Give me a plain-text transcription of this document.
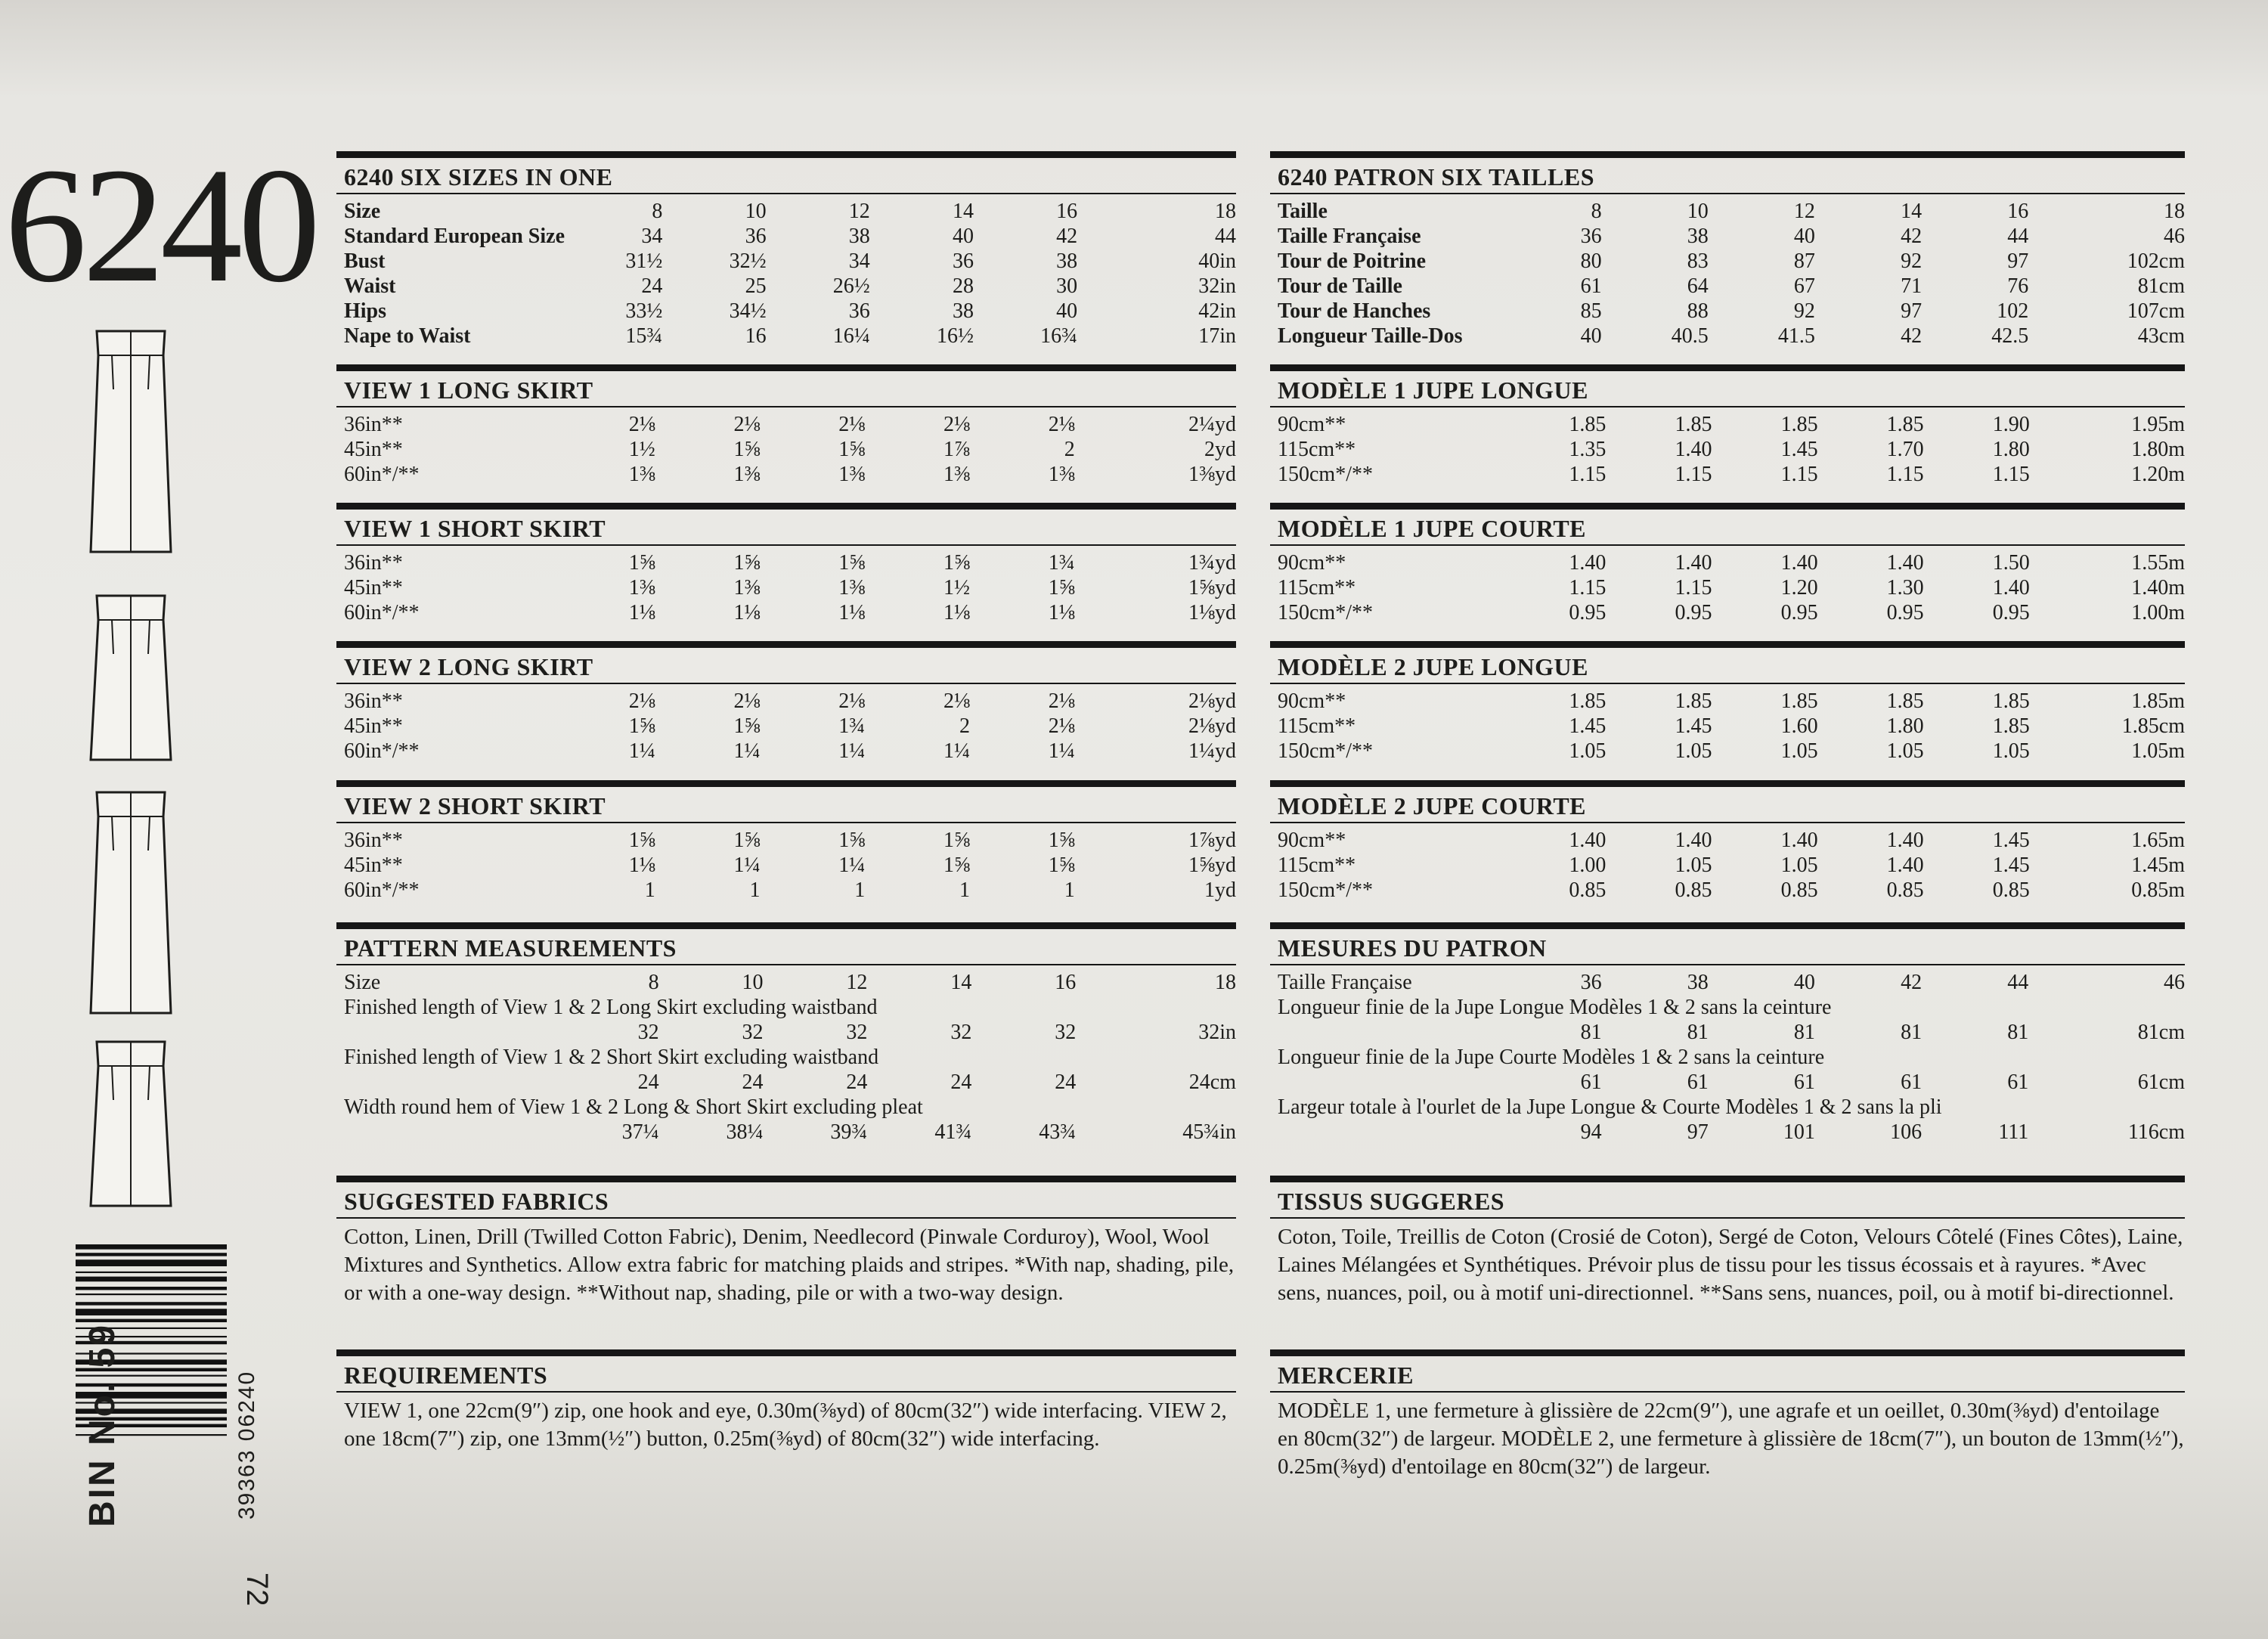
6240
BIN No. 59	39363 06240
72
6240 SIX SIZES IN ONE
Size	8	10	12	14	16	18
Standard European Size	34	36	38	40	42	44
Bust	31½	32½	34	36	38	40in
Waist	24	25	26½	28	30	32in
Hips	33½	34½	36	38	40	42in
Nape to Waist	15¾	16	16¼	16½	16¾	17in
VIEW 1 LONG SKIRT
36in**	2⅛	2⅛	2⅛	2⅛	2⅛	2¼yd
45in**	1½	1⅝	1⅝	1⅞	2	2yd
60in*/**	1⅜	1⅜	1⅜	1⅜	1⅜	1⅜yd
VIEW 1 SHORT SKIRT
36in**	1⅝	1⅝	1⅝	1⅝	1¾	1¾yd
45in**	1⅜	1⅜	1⅜	1½	1⅝	1⅝yd
60in*/**	1⅛	1⅛	1⅛	1⅛	1⅛	1⅛yd
VIEW 2 LONG SKIRT
36in**	2⅛	2⅛	2⅛	2⅛	2⅛	2⅛yd
45in**	1⅝	1⅝	1¾	2	2⅛	2⅛yd
60in*/**	1¼	1¼	1¼	1¼	1¼	1¼yd
VIEW 2 SHORT SKIRT
36in**	1⅝	1⅝	1⅝	1⅝	1⅝	1⅞yd
45in**	1⅛	1¼	1¼	1⅝	1⅝	1⅝yd
60in*/**	1	1	1	1	1	1yd
PATTERN MEASUREMENTS
Size	8	10	12	14	16	18
Finished length of View 1 & 2 Long Skirt excluding waistband						
	32	32	32	32	32	32in
Finished length of View 1 & 2 Short Skirt excluding waistband						
	24	24	24	24	24	24cm
Width round hem of View 1 & 2 Long & Short Skirt excluding pleat						
	37¼	38¼	39¾	41¾	43¾	45¾in
SUGGESTED FABRICS
Cotton, Linen, Drill (Twilled Cotton Fabric), Denim, Needlecord (Pinwale Corduroy), Wool, Wool Mixtures and Synthetics. Allow extra fabric for matching plaids and stripes. *With nap, shading, pile, or with a one-way design. **Without nap, shading, pile or with a two-way design.
REQUIREMENTS
VIEW 1, one 22cm(9″) zip, one hook and eye, 0.30m(⅜yd) of 80cm(32″) wide interfacing. VIEW 2, one 18cm(7″) zip, one 13mm(½″) button, 0.25m(⅜yd) of 80cm(32″) wide interfacing.
6240 PATRON SIX TAILLES
Taille	8	10	12	14	16	18
Taille Française	36	38	40	42	44	46
Tour de Poitrine	80	83	87	92	97	102cm
Tour de Taille	61	64	67	71	76	81cm
Tour de Hanches	85	88	92	97	102	107cm
Longueur Taille-Dos	40	40.5	41.5	42	42.5	43cm
MODÈLE 1 JUPE LONGUE
90cm**	1.85	1.85	1.85	1.85	1.90	1.95m
115cm**	1.35	1.40	1.45	1.70	1.80	1.80m
150cm*/**	1.15	1.15	1.15	1.15	1.15	1.20m
MODÈLE 1 JUPE COURTE
90cm**	1.40	1.40	1.40	1.40	1.50	1.55m
115cm**	1.15	1.15	1.20	1.30	1.40	1.40m
150cm*/**	0.95	0.95	0.95	0.95	0.95	1.00m
MODÈLE 2 JUPE LONGUE
90cm**	1.85	1.85	1.85	1.85	1.85	1.85m
115cm**	1.45	1.45	1.60	1.80	1.85	1.85cm
150cm*/**	1.05	1.05	1.05	1.05	1.05	1.05m
MODÈLE 2 JUPE COURTE
90cm**	1.40	1.40	1.40	1.40	1.45	1.65m
115cm**	1.00	1.05	1.05	1.40	1.45	1.45m
150cm*/**	0.85	0.85	0.85	0.85	0.85	0.85m
MESURES DU PATRON
Taille Française	36	38	40	42	44	46
Longueur finie de la Jupe Longue Modèles 1 & 2 sans la ceinture						
	81	81	81	81	81	81cm
Longueur finie de la Jupe Courte Modèles 1 & 2 sans la ceinture						
	61	61	61	61	61	61cm
Largeur totale à l'ourlet de la Jupe Longue & Courte Modèles 1 & 2 sans la pli						
	94	97	101	106	111	116cm
TISSUS SUGGERES
Coton, Toile, Treillis de Coton (Crosié de Coton), Sergé de Coton, Velours Côtelé (Fines Côtes), Laine, Laines Mélangées et Synthétiques. Prévoir plus de tissu pour les tissus écossais et à rayures. *Avec sens, nuances, poil, ou à motif uni-directionnel. **Sans sens, nuances, poil, ou à motif bi-directionnel.
MERCERIE
MODÈLE 1, une fermeture à glissière de 22cm(9″), une agrafe et un oeillet, 0.30m(⅜yd) d'entoilage en 80cm(32″) de largeur. MODÈLE 2, une fermeture à glissière de 18cm(7″), un bouton de 13mm(½″), 0.25m(⅜yd) d'entoilage en 80cm(32″) de largeur.
